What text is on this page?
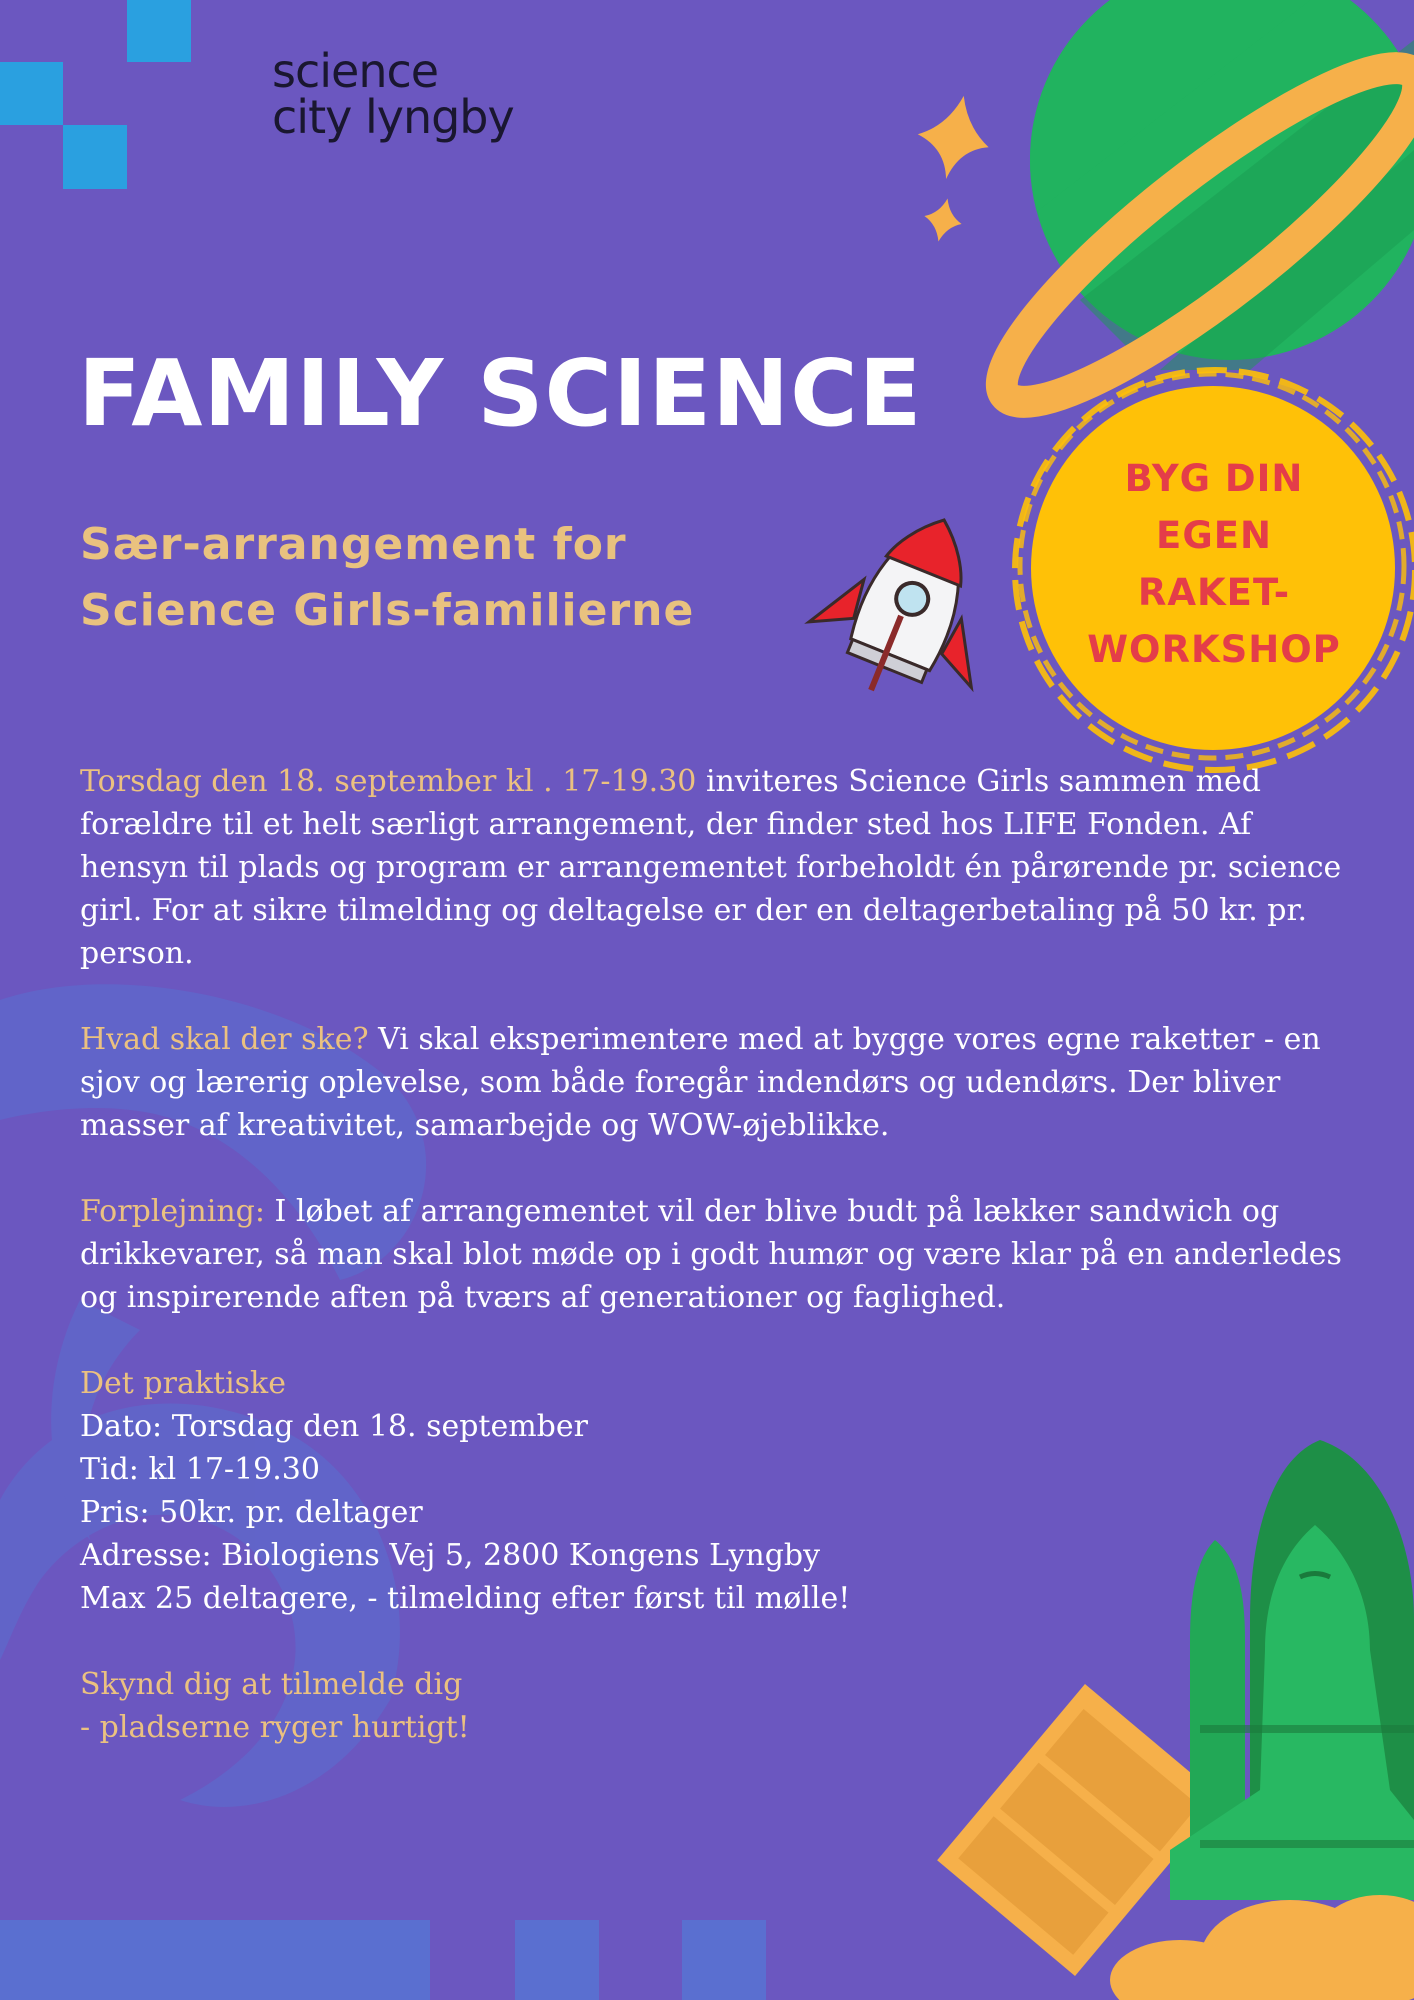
science
city lyngby
FAMILY SCIENCE
Sær-arrangement for
Science Girls-familierne
BYG DIN
EGEN
RAKET-
WORKSHOP

Torsdag den 18. september kl . 17-19.30 inviteres Science Girls sammen med forældre til et helt særligt arrangement, der finder sted hos LIFE Fonden. Af hensyn til plads og program er arrangementet forbeholdt én pårørende pr. science girl. For at sikre tilmelding og deltagelse er der en deltagerbetaling på 50 kr. pr. person.

Hvad skal der ske? Vi skal eksperimentere med at bygge vores egne raketter - en sjov og lærerig oplevelse, som både foregår indendørs og udendørs. Der bliver masser af kreativitet, samarbejde og WOW-øjeblikke.

Forplejning: I løbet af arrangementet vil der blive budt på lækker sandwich og drikkevarer, så man skal blot møde op i godt humør og være klar på en anderledes og inspirerende aften på tværs af generationer og faglighed.

Det praktiske
Dato: Torsdag den 18. september
Tid: kl 17-19.30
Pris: 50kr. pr. deltager
Adresse: Biologiens Vej 5, 2800 Kongens Lyngby
Max 25 deltagere, - tilmelding efter først til mølle!

Skynd dig at tilmelde dig
- pladserne ryger hurtigt!
